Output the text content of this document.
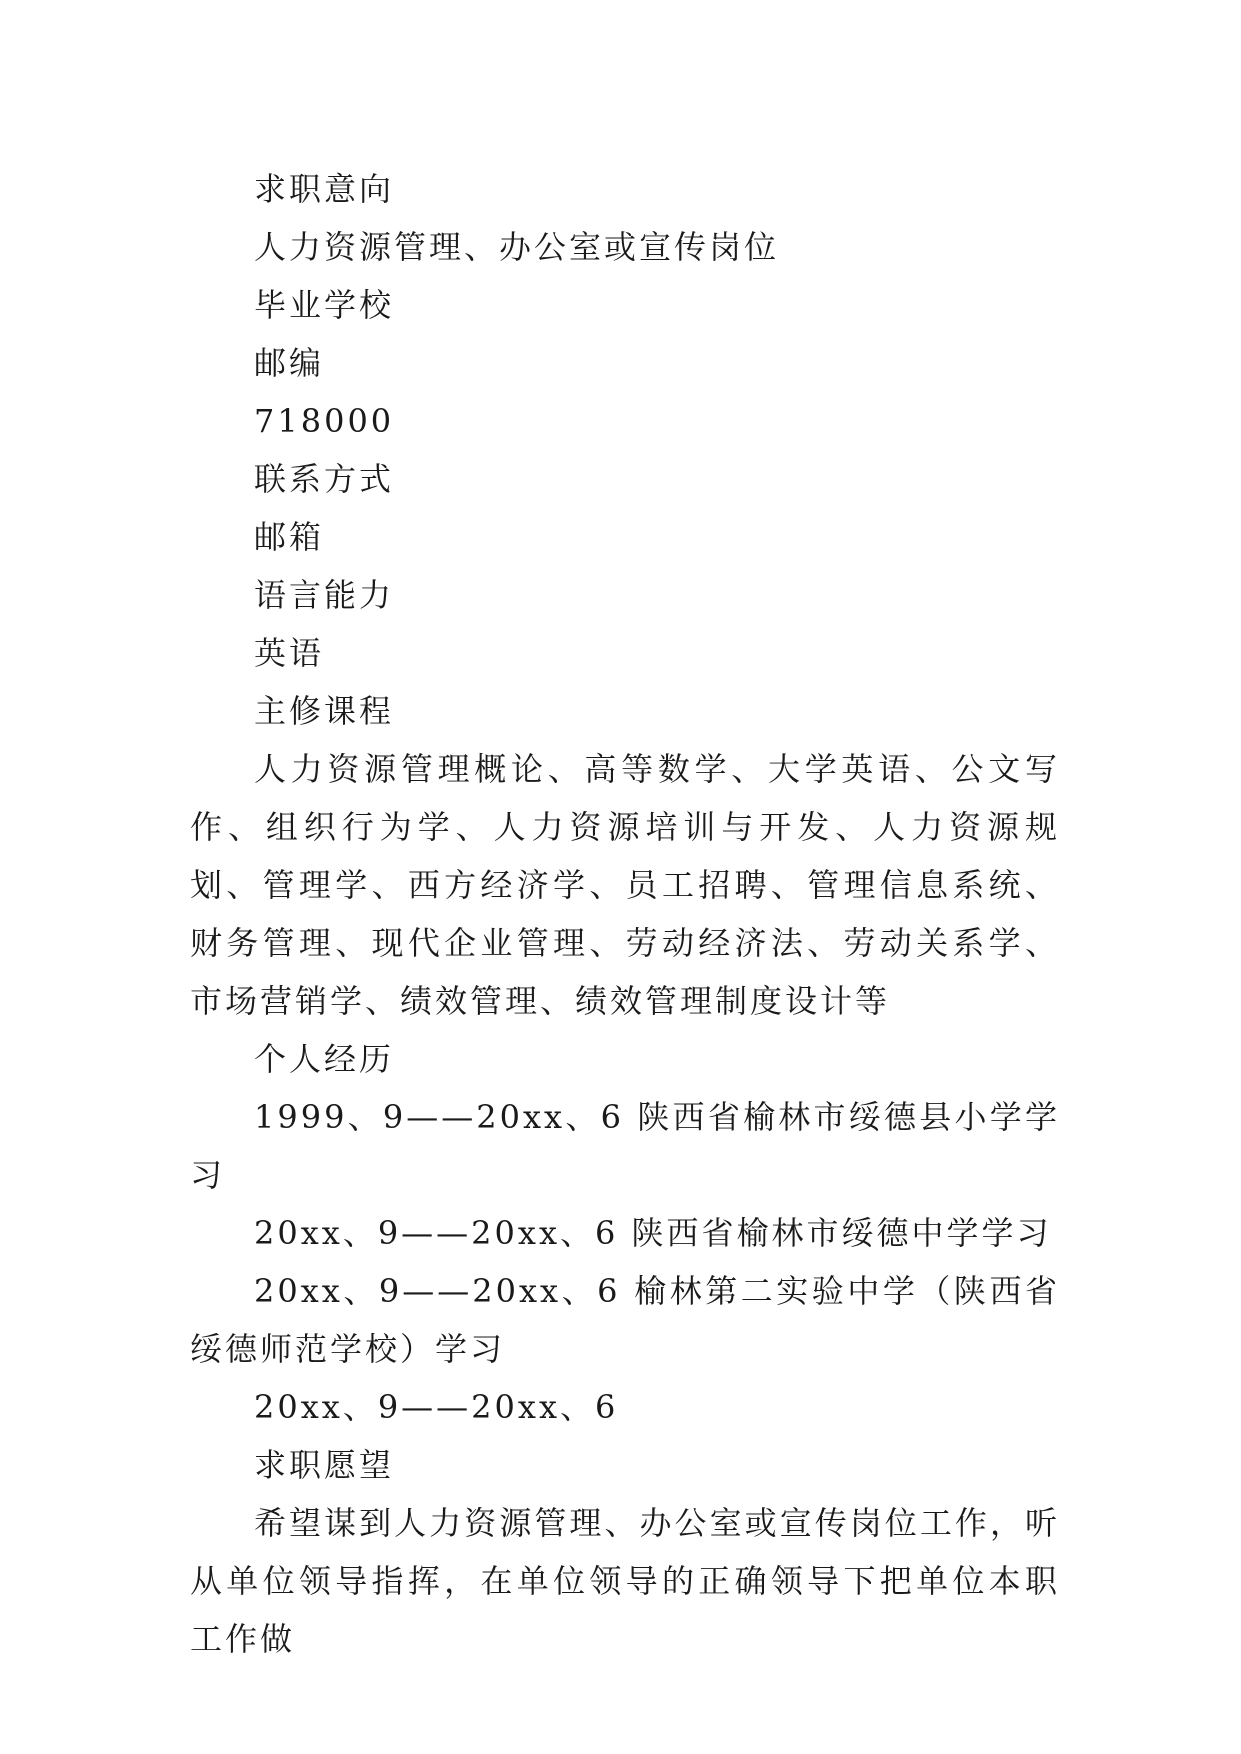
求职意向

人力资源管理、办公室或宣传岗位

毕业学校

邮编

718000

联系方式

邮箱

语言能力

英语

主修课程

人力资源管理概论、高等数学、大学英语、公文写作、组织行为学、人力资源培训与开发、人力资源规划、管理学、西方经济学、员工招聘、管理信息系统、财务管理、现代企业管理、劳动经济法、劳动关系学、市场营销学、绩效管理、绩效管理制度设计等

个人经历

1999、9——20xx、6 陕西省榆林市绥德县小学学习

20xx、9——20xx、6 陕西省榆林市绥德中学学习

20xx、9——20xx、6 榆林第二实验中学（陕西省绥德师范学校）学习

20xx、9——20xx、6

求职愿望

希望谋到人力资源管理、办公室或宣传岗位工作，听从单位领导指挥，在单位领导的正确领导下把单位本职工作做
